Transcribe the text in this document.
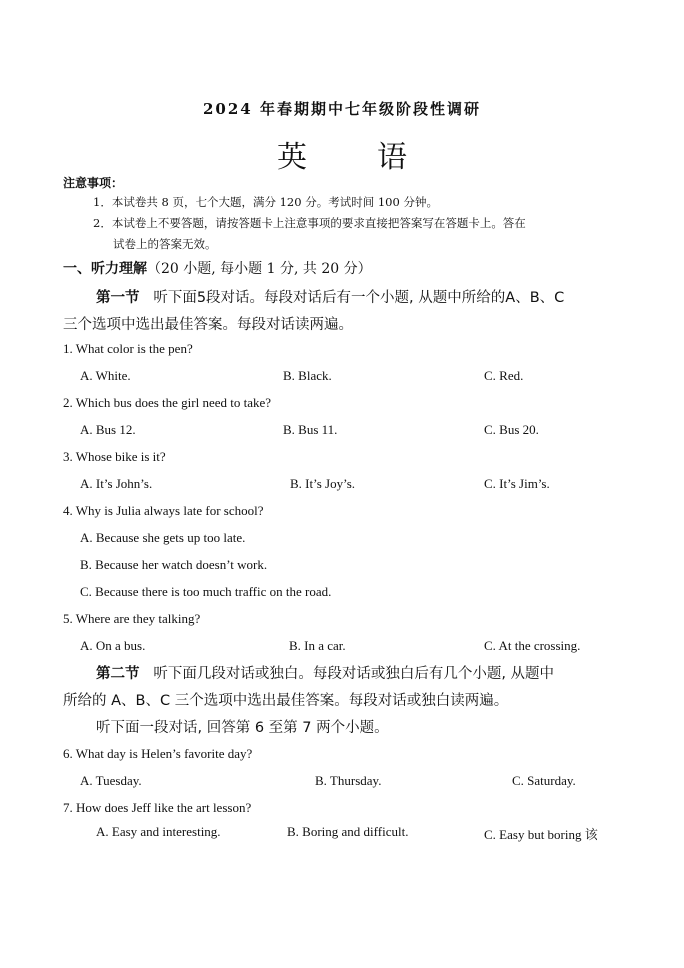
2024 年春期期中七年级阶段性调研
英 语
注意事项：
1．本试卷共 8 页，七个大题，满分 120 分。考试时间 100 分钟。
2．本试卷上不要答题，请按答题卡上注意事项的要求直接把答案写在答题卡上。答在
试卷上的答案无效。
一、听力理解（20 小题, 每小题 1 分, 共 20 分）
第一节 听下面5段对话。每段对话后有一个小题, 从题中所给的A、B、C
三个选项中选出最佳答案。每段对话读两遍。
1. What color is the pen?
A. White.	B. Black.	C. Red.
2. Which bus does the girl need to take?
A. Bus 12.	B. Bus 11.	C. Bus 20.
3. Whose bike is it?
A. It’s John’s.	B. It’s Joy’s.	C. It’s Jim’s.
4. Why is Julia always late for school?
A. Because she gets up too late.
B. Because her watch doesn’t work.
C. Because there is too much traffic on the road.
5. Where are they talking?
A. On a bus.	B. In a car.	C. At the crossing.
第二节 听下面几段对话或独白。每段对话或独白后有几个小题, 从题中
所给的 A、B、C 三个选项中选出最佳答案。每段对话或独白读两遍。
听下面一段对话, 回答第 6 至第 7 两个小题。
6. What day is Helen’s favorite day?
A. Tuesday.	B. Thursday.	C. Saturday.
7. How does Jeff like the art lesson?
A. Easy and interesting.	B. Boring and difficult.	C. Easy but boring 该
